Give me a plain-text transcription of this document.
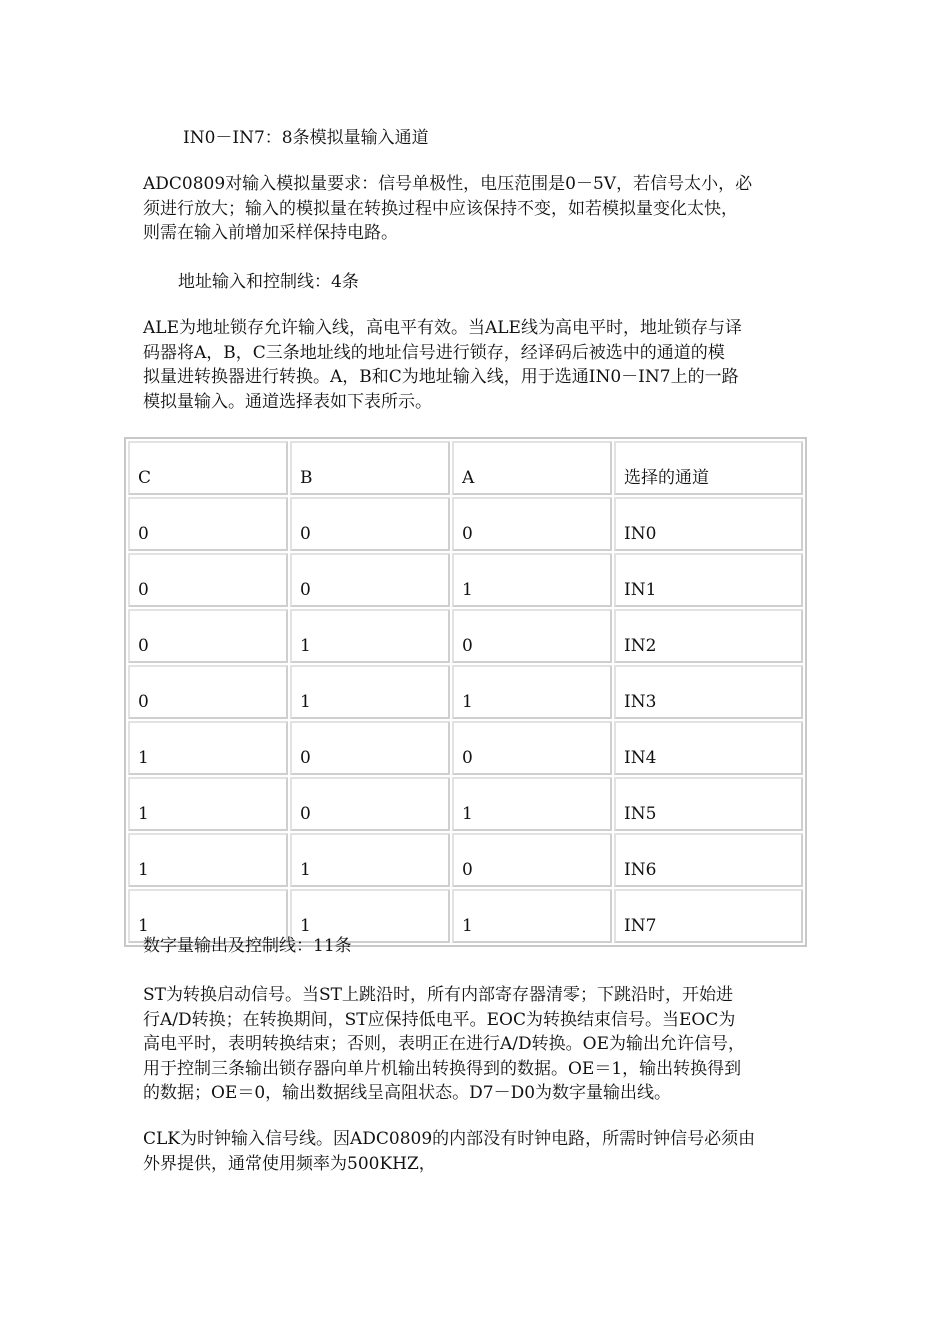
IN0－IN7：8条模拟量输入通道
ADC0809对输入模拟量要求：信号单极性，电压范围是0－5V，若信号太小，必
须进行放大；输入的模拟量在转换过程中应该保持不变，如若模拟量变化太快，
则需在输入前增加采样保持电路。
地址输入和控制线：4条
ALE为地址锁存允许输入线，高电平有效。当ALE线为高电平时，地址锁存与译
码器将A，B，C三条地址线的地址信号进行锁存，经译码后被选中的通道的模
拟量进转换器进行转换。A，B和C为地址输入线，用于选通IN0－IN7上的一路
模拟量输入。通道选择表如下表所示。
C	B	A	选择的通道
0	0	0	IN0
0	0	1	IN1
0	1	0	IN2
0	1	1	IN3
1	0	0	IN4
1	0	1	IN5
1	1	0	IN6
1	1	1	IN7
数字量输出及控制线：11条
ST为转换启动信号。当ST上跳沿时，所有内部寄存器清零；下跳沿时，开始进
行A/D转换；在转换期间，ST应保持低电平。EOC为转换结束信号。当EOC为
高电平时，表明转换结束；否则，表明正在进行A/D转换。OE为输出允许信号，
用于控制三条输出锁存器向单片机输出转换得到的数据。OE＝1，输出转换得到
的数据；OE＝0，输出数据线呈高阻状态。D7－D0为数字量输出线。
CLK为时钟输入信号线。因ADC0809的内部没有时钟电路，所需时钟信号必须由
外界提供，通常使用频率为500KHZ，
